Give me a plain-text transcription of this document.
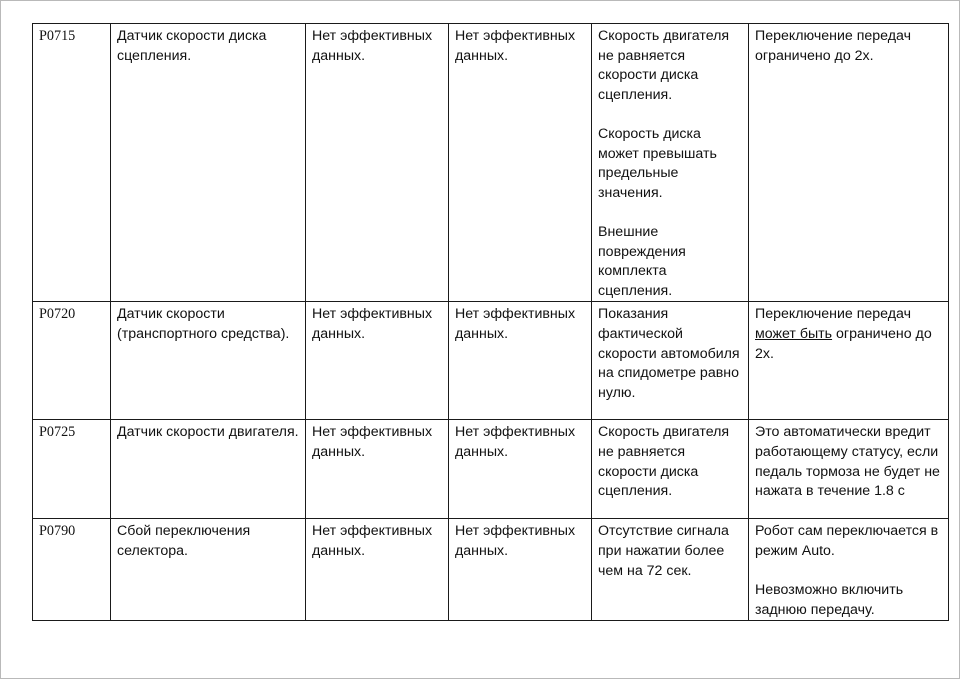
P0715	Датчик скорости диска сцепления.	Нет эффективных данных.	Нет эффективных данных.	Скорость двигателя не равняется скорости диска сцепления.
Скорость диска может превышать предельные значения.
Внешние повреждения комплекта сцепления.	Переключение передач ограничено до 2х.
P0720	Датчик скорости (транспортного средства).	Нет эффективных данных.	Нет эффективных данных.	Показания фактической скорости автомобиля на спидометре равно нулю.	Переключение передач может быть ограничено до 2х.
P0725	Датчик скорости двигателя.	Нет эффективных данных.	Нет эффективных данных.	Скорость двигателя не равняется скорости диска сцепления.	Это автоматически вредит работающему статусу, если педаль тормоза не будет не нажата в течение 1.8 с
P0790	Сбой переключения селектора.	Нет эффективных данных.	Нет эффективных данных.	Отсутствие сигнала при нажатии более чем на 72 сек.	Робот сам переключается в режим Auto.
Невозможно включить заднюю передачу.
